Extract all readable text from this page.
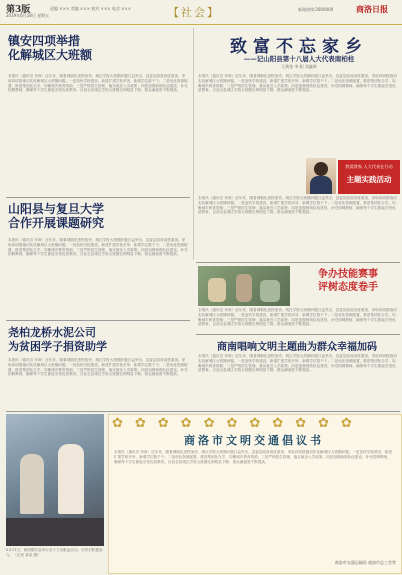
第3版
2019年6月28日 星期五
责编 ××× 美编 ××× 校对 ××× 电话 ×××	【社会】	新闻热线:2000000	商洛日报
镇安四项举措
化解城区大班额
本报讯（通讯员 李涛）近年来，随着城镇化进程加快，城区学校大班额问题日益突出，县委县政府高度重视，采取四项措施切实化解城区大班额问题。一是加快学校建设，新建扩建学校多所，新增学位数千个；二是优化资源配置，推进集团化办学，均衡城乡教育资源；三是严格招生管理，落实就近入学政策；四是加强师资队伍建设，补充招聘教师，确保每个学生都能享受优质教育。目前全县城区学校大班额比例明显下降，群众满意度不断提高。
致富不忘家乡
——记山阳县第十八届人大代表南柏柱
王黄金 李 阳 刘鑫晖
本报讯（通讯员 李涛）近年来，随着城镇化进程加快，城区学校大班额问题日益突出，县委县政府高度重视，采取四项措施切实化解城区大班额问题。一是加快学校建设，新建扩建学校多所，新增学位数千个；二是优化资源配置，推进集团化办学，均衡城乡教育资源；三是严格招生管理，落实就近入学政策；四是加强师资队伍建设，补充招聘教师，确保每个学生都能享受优质教育。目前全县城区学校大班额比例明显下降，群众满意度不断提高。
我爱我家 人大代表在行动
主题实践活动
本报讯（通讯员 李涛）近年来，随着城镇化进程加快，城区学校大班额问题日益突出，县委县政府高度重视，采取四项措施切实化解城区大班额问题。一是加快学校建设，新建扩建学校多所，新增学位数千个；二是优化资源配置，推进集团化办学，均衡城乡教育资源；三是严格招生管理，落实就近入学政策；四是加强师资队伍建设，补充招聘教师，确保每个学生都能享受优质教育。目前全县城区学校大班额比例明显下降，群众满意度不断提高。
山阳县与复旦大学
合作开展课题研究
本报讯（通讯员 李涛）近年来，随着城镇化进程加快，城区学校大班额问题日益突出，县委县政府高度重视，采取四项措施切实化解城区大班额问题。一是加快学校建设，新建扩建学校多所，新增学位数千个；二是优化资源配置，推进集团化办学，均衡城乡教育资源；三是严格招生管理，落实就近入学政策；四是加强师资队伍建设，补充招聘教师，确保每个学生都能享受优质教育。目前全县城区学校大班额比例明显下降，群众满意度不断提高。
争办技能赛事
评树态度卷手
本报讯（通讯员 李涛）近年来，随着城镇化进程加快，城区学校大班额问题日益突出，县委县政府高度重视，采取四项措施切实化解城区大班额问题。一是加快学校建设，新建扩建学校多所，新增学位数千个；二是优化资源配置，推进集团化办学，均衡城乡教育资源；三是严格招生管理，落实就近入学政策；四是加强师资队伍建设，补充招聘教师，确保每个学生都能享受优质教育。目前全县城区学校大班额比例明显下降，群众满意度不断提高。
尧柏龙桥水泥公司
为贫困学子捐资助学
本报讯（通讯员 李涛）近年来，随着城镇化进程加快，城区学校大班额问题日益突出，县委县政府高度重视，采取四项措施切实化解城区大班额问题。一是加快学校建设，新建扩建学校多所，新增学位数千个；二是优化资源配置，推进集团化办学，均衡城乡教育资源；三是严格招生管理，落实就近入学政策；四是加强师资队伍建设，补充招聘教师，确保每个学生都能享受优质教育。目前全县城区学校大班额比例明显下降，群众满意度不断提高。
商南唱响文明主题曲为群众幸福加码
本报讯（通讯员 李涛）近年来，随着城镇化进程加快，城区学校大班额问题日益突出，县委县政府高度重视，采取四项措施切实化解城区大班额问题。一是加快学校建设，新建扩建学校多所，新增学位数千个；二是优化资源配置，推进集团化办学，均衡城乡教育资源；三是严格招生管理，落实就近入学政策；四是加强师资队伍建设，补充招聘教师，确保每个学生都能享受优质教育。目前全县城区学校大班额比例明显下降，群众满意度不断提高。
6月21日，商洛镇安县举行亲子义务献血活动，市民们积极参与。（记者 某某 摄）
✿✿✿✿✿✿✿✿✿✿✿
商洛市文明交通倡议书
本报讯（通讯员 李涛）近年来，随着城镇化进程加快，城区学校大班额问题日益突出，县委县政府高度重视，采取四项措施切实化解城区大班额问题。一是加快学校建设，新建扩建学校多所，新增学位数千个；二是优化资源配置，推进集团化办学，均衡城乡教育资源；三是严格招生管理，落实就近入学政策；四是加强师资队伍建设，补充招聘教师，确保每个学生都能享受优质教育。目前全县城区学校大班额比例明显下降，群众满意度不断提高。
商洛市交通运输局 商洛市总工会等
